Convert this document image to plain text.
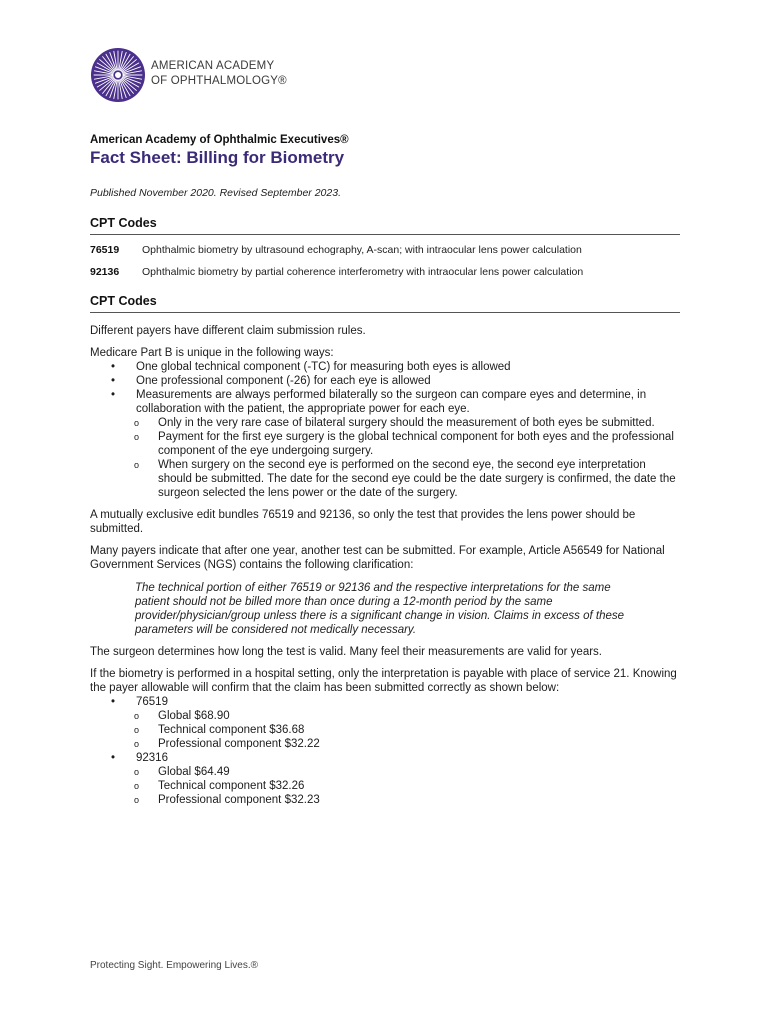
AMERICAN ACADEMY
OF OPHTHALMOLOGY®
American Academy of Ophthalmic Executives®
Fact Sheet: Billing for Biometry
Published November 2020. Revised September 2023.
CPT Codes
76519	Ophthalmic biometry by ultrasound echography, A-scan; with intraocular lens power calculation
92136	Ophthalmic biometry by partial coherence interferometry with intraocular lens power calculation
CPT Codes

Different payers have different claim submission rules.

Medicare Part B is unique in the following ways:

• One global technical component (-TC) for measuring both eyes is allowed
• One professional component (-26) for each eye is allowed
• Measurements are always performed bilaterally so the surgeon can compare eyes and determine, in collaboration with the patient, the appropriate power for each eye.
o Only in the very rare case of bilateral surgery should the measurement of both eyes be submitted.
o Payment for the first eye surgery is the global technical component for both eyes and the professional component of the eye undergoing surgery.
o When surgery on the second eye is performed on the second eye, the second eye interpretation should be submitted. The date for the second eye could be the date surgery is confirmed, the date the surgeon selected the lens power or the date of the surgery.

A mutually exclusive edit bundles 76519 and 92136, so only the test that provides the lens power should be submitted.

Many payers indicate that after one year, another test can be submitted. For example, Article A56549 for National Government Services (NGS) contains the following clarification:

The technical portion of either 76519 or 92136 and the respective interpretations for the same patient should not be billed more than once during a 12-month period by the same provider/physician/group unless there is a significant change in vision. Claims in excess of these parameters will be considered not medically necessary.

The surgeon determines how long the test is valid. Many feel their measurements are valid for years.

If the biometry is performed in a hospital setting, only the interpretation is payable with place of service 21. Knowing the payer allowable will confirm that the claim has been submitted correctly as shown below:

• 76519
o Global $68.90
o Technical component $36.68
o Professional component $32.22
• 92316
o Global $64.49
o Technical component $32.26
o Professional component $32.23
Protecting Sight. Empowering Lives.®
